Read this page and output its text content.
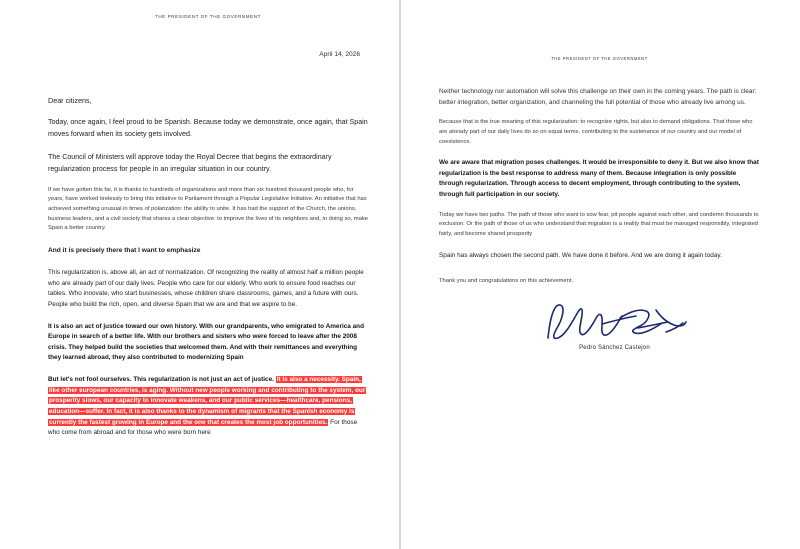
THE PRESIDENT OF THE GOVERNMENT
April 14, 2026
Dear citizens,

Today, once again, I feel proud to be Spanish. Because today we demonstrate, once again, that Spain moves forward when its society gets involved.

The Council of Ministers will approve today the Royal Decree that begins the extraordinary regularization process for people in an irregular situation in our country.

If we have gotten this far, it is thanks to hundreds of organizations and more than six hundred thousand people who, for years, have worked tirelessly to bring this initiative to Parliament through a Popular Legislative Initiative. An initiative that has achieved something unusual in times of polarization: the ability to unite. It has had the support of the Church, the unions, business leaders, and a civil society that shares a clear objective: to improve the lives of its neighbors and, in doing so, make Spain a better country.

And it is precisely there that I want to emphasize

This regularization is, above all, an act of normalization. Of recognizing the reality of almost half a million people who are already part of our daily lives. People who care for our elderly. Who work to ensure food reaches our tables. Who innovate, who start businesses, whose children share classrooms, games, and a future with ours. People who build the rich, open, and diverse Spain that we are and that we aspire to be.

It is also an act of justice toward our own history. With our grandparents, who emigrated to America and Europe in search of a better life. With our brothers and sisters who were forced to leave after the 2008 crisis. They helped build the societies that welcomed them. And with their remittances and everything they learned abroad, they also contributed to modernizing Spain

But let's not fool ourselves. This regularization is not just an act of justice. It is also a necessity. Spain, like other european countries, is aging. Without new people working and contributing to the system, our prosperity slows, our capacity to innovate weakens, and our public services—healthcare, pensions, education—suffer. In fact, it is also thanks to the dynamism of migrants that the Spanish economy is currently the fastest growing in Europe and the one that creates the most job opportunities. For those who come from abroad and for those who were born here

THE PRESIDENT OF THE GOVERNMENT

Neither technology nor automation will solve this challenge on their own in the coming years. The path is clear: better integration, better organization, and channeling the full potential of those who already live among us.

Because that is the true meaning of this regularization: to recognize rights, but also to demand obligations. That those who are already part of our daily lives do so on equal terms, contributing to the sustenance of our country and our model of coexistence.

We are aware that migration poses challenges. It would be irresponsible to deny it. But we also know that regularization is the best response to address many of them. Because integration is only possible through regularization. Through access to decent employment, through contributing to the system, through full participation in our society.

Today we have two paths. The path of those who want to sow fear, pit people against each other, and condemn thousands to exclusion. Or the path of those of us who understand that migration is a reality that must be managed responsibly, integrated fairly, and become shared prosperity

Spain has always chosen the second path. We have done it before. And we are doing it again today.

Thank you and congratulations on this achievement.

Pedro Sánchez Castejon
